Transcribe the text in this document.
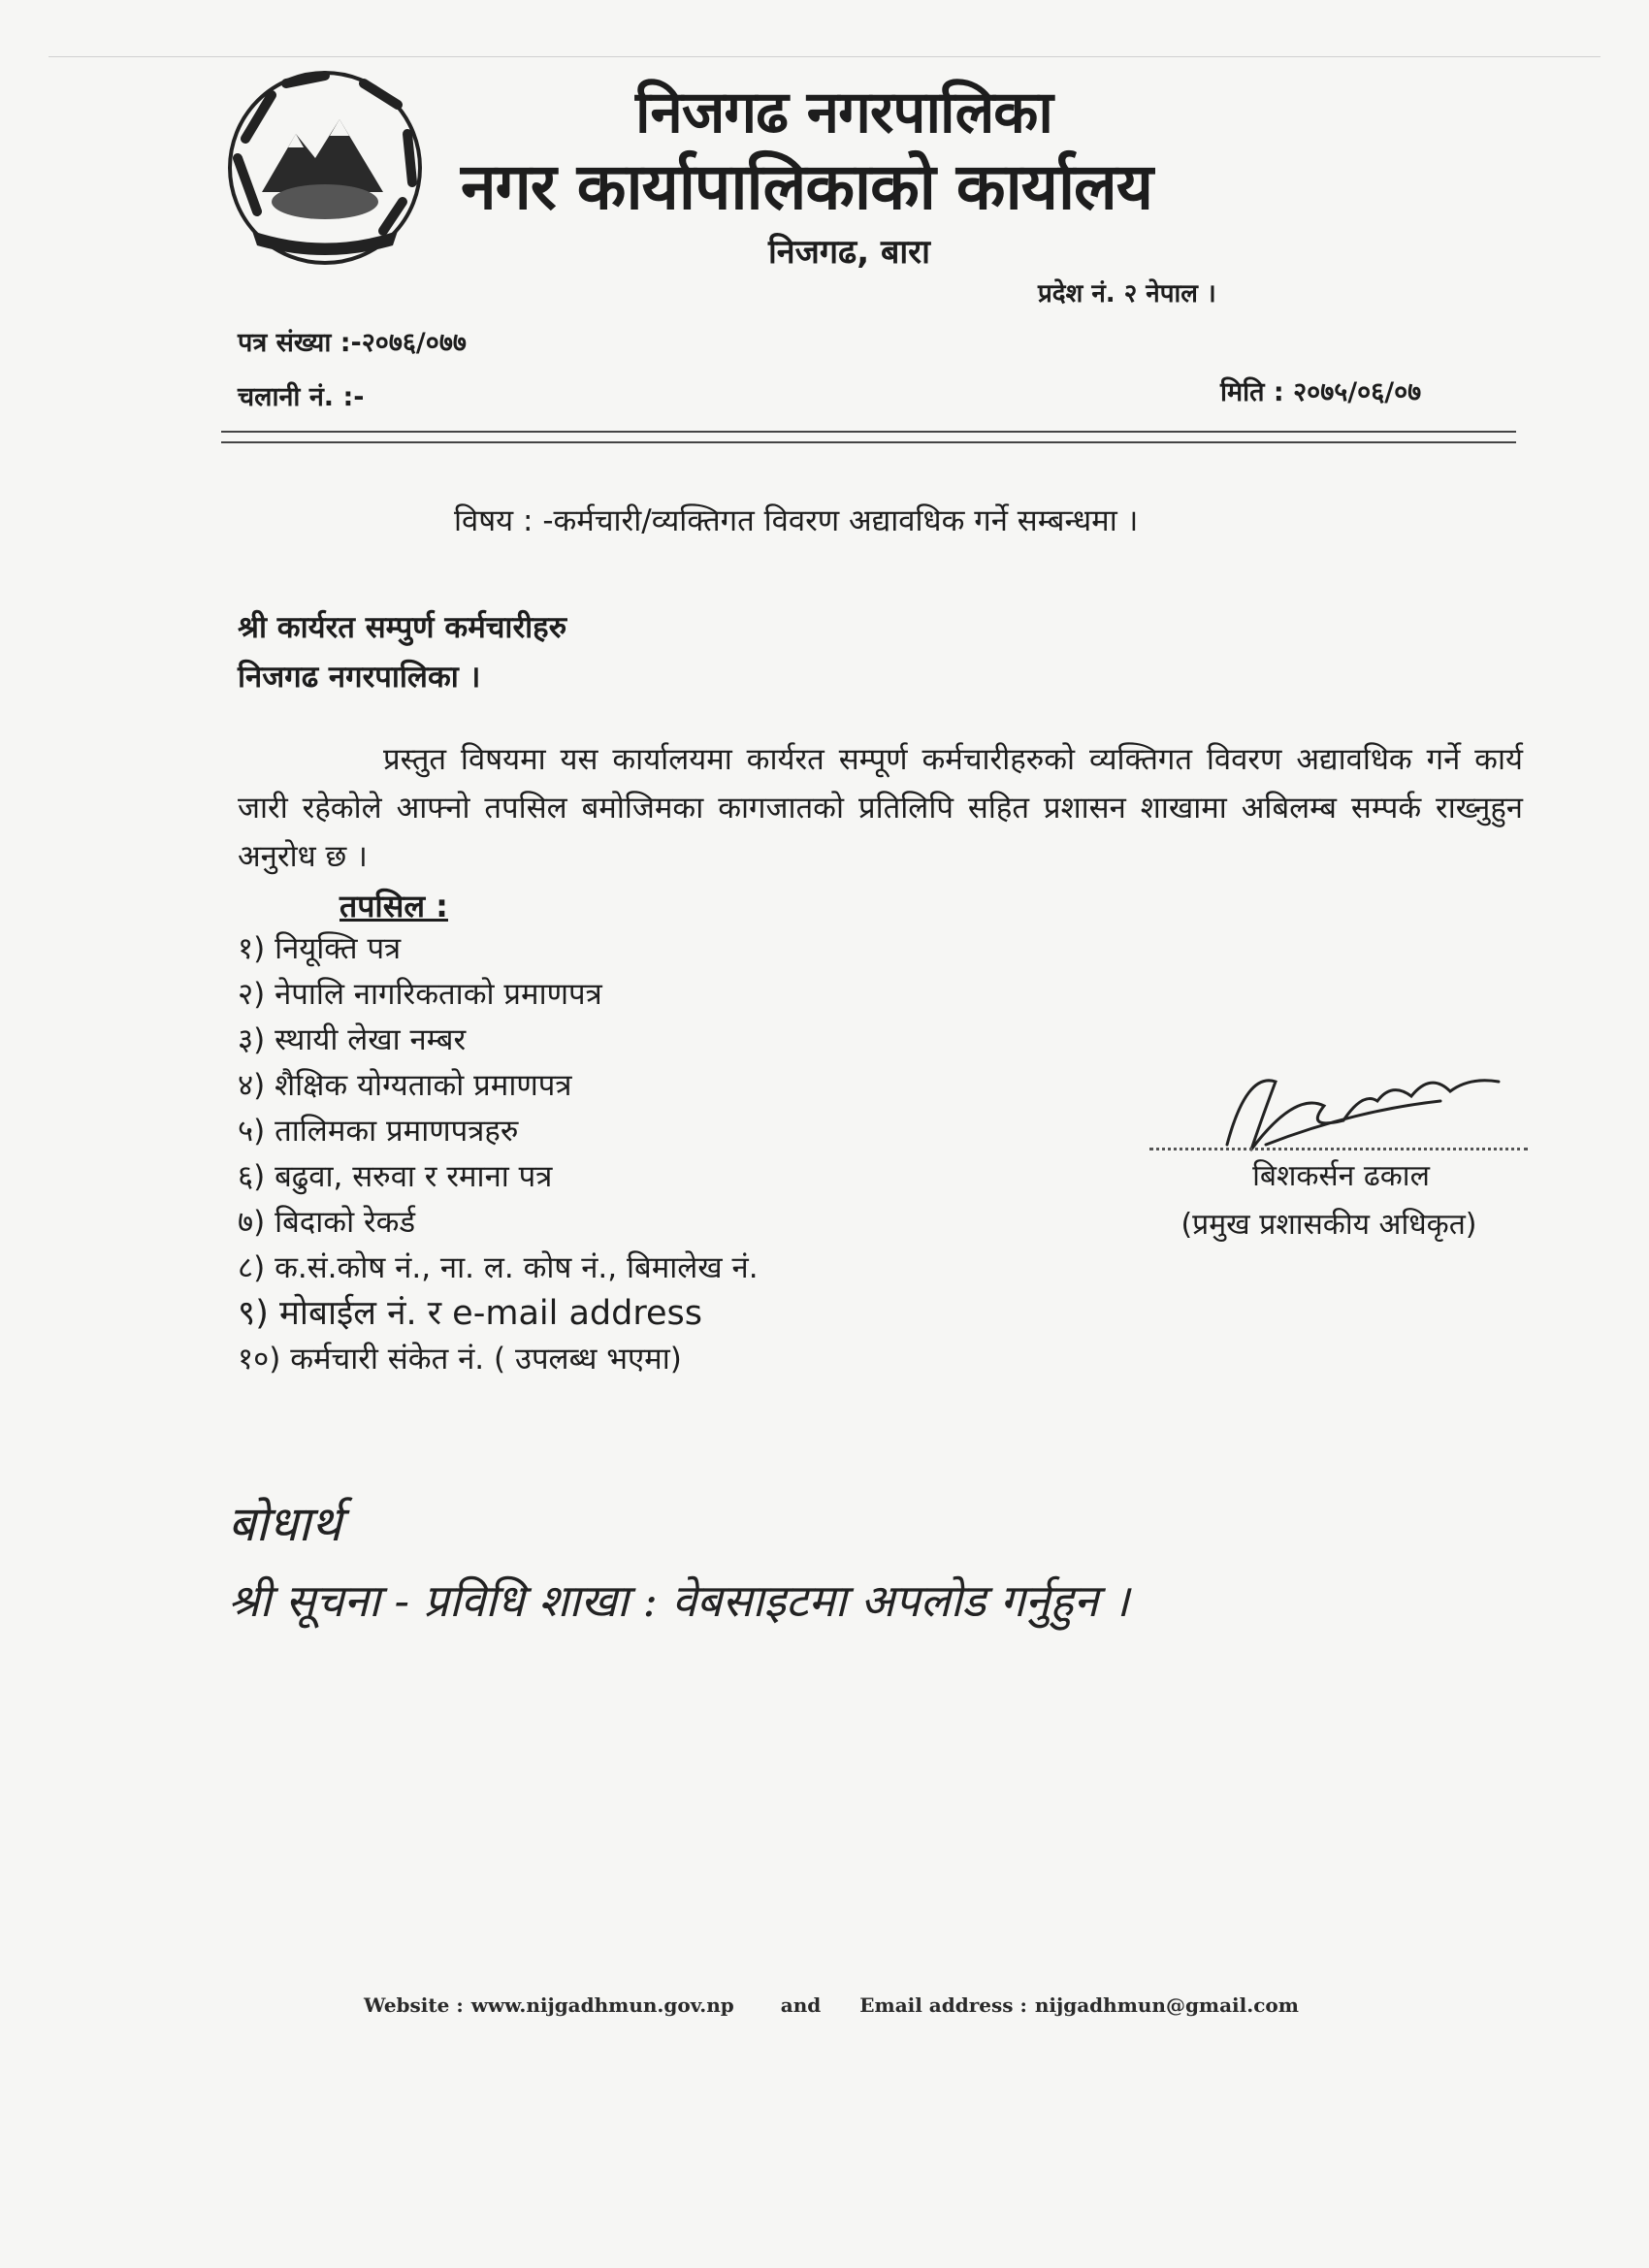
निजगढ नगरपालिका
नगर कार्यापालिकाको कार्यालय
निजगढ, बारा
प्रदेश नं. २ नेपाल ।
पत्र संख्या :-२०७६/०७७
चलानी नं. :-	मिति : २०७५/०६/०७
विषय : -कर्मचारी/व्यक्तिगत विवरण अद्यावधिक गर्ने सम्बन्धमा ।
श्री कार्यरत सम्पुर्ण कर्मचारीहरु
निजगढ नगरपालिका ।
प्रस्तुत विषयमा यस कार्यालयमा कार्यरत सम्पूर्ण कर्मचारीहरुको व्यक्तिगत विवरण अद्यावधिक गर्ने कार्य जारी रहेकोले आफ्नो तपसिल बमोजिमका कागजातको प्रतिलिपि सहित प्रशासन शाखामा अबिलम्ब सम्पर्क राख्नुहुन अनुरोध छ ।
तपसिल :
१) नियूक्ति पत्र
२) नेपालि नागरिकताको प्रमाणपत्र
३) स्थायी लेखा नम्बर
४) शैक्षिक योग्यताको प्रमाणपत्र
५) तालिमका प्रमाणपत्रहरु
६) बढुवा, सरुवा र रमाना पत्र
७) बिदाको रेकर्ड
८) क.सं.कोष नं., ना. ल. कोष नं., बिमालेख नं.
९) मोबाईल नं. र e-mail address
१०) कर्मचारी संकेत नं. ( उपलब्ध भएमा)
बिशकर्सन ढकाल
(प्रमुख प्रशासकीय अधिकृत)
बोधार्थ
श्री सूचना - प्रविधि शाखा : वेबसाइटमा अपलोड गर्नुहुन ।
Website : www.nijgadhmun.gov.np and Email address : nijgadhmun@gmail.com
